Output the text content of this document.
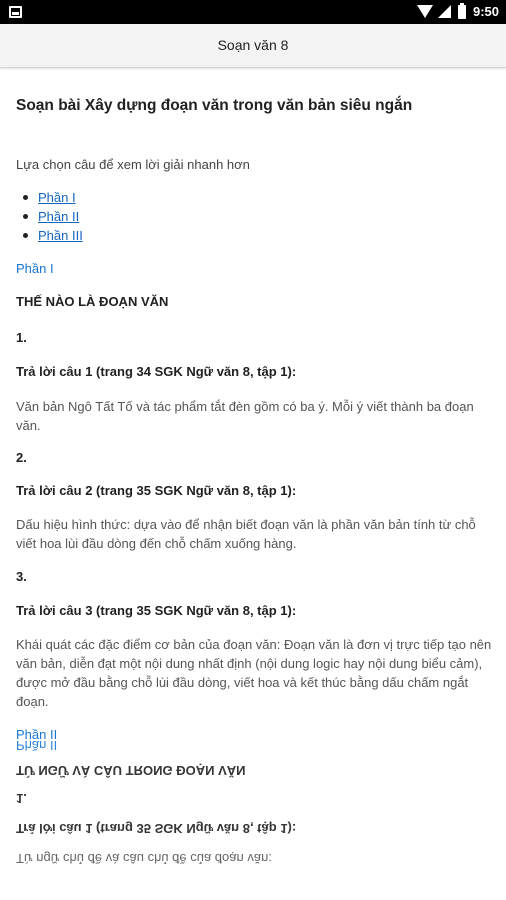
9:50
Soạn văn 8
Soạn bài Xây dựng đoạn văn trong văn bản siêu ngắn
Lựa chọn câu để xem lời giải nhanh hơn
Phần I
Phần II
Phần III
Phần I
THẾ NÀO LÀ ĐOẠN VĂN
1.
Trả lời câu 1 (trang 34 SGK Ngữ văn 8, tập 1):
Văn bản Ngô Tất Tố và tác phẩm tắt đèn gồm có ba ý. Mỗi ý viết thành ba đoạn văn.
2.
Trả lời câu 2 (trang 35 SGK Ngữ văn 8, tập 1):
Dấu hiệu hình thức: dựa vào để nhận biết đoạn văn là phần văn bản tính từ chỗ viết hoa lùi đầu dòng đến chỗ chấm xuống hàng.
3.
Trả lời câu 3 (trang 35 SGK Ngữ văn 8, tập 1):
Khái quát các đặc điểm cơ bản của đoạn văn: Đoạn văn là đơn vị trực tiếp tạo nên văn bản, diễn đạt một nội dung nhất định (nội dung logic hay nội dung biểu cảm), được mở đầu bằng chỗ lùi đầu dòng, viết hoa và kết thúc bằng dấu chấm ngắt đoạn.
Phần II
Phần II
TỪ NGỮ VÀ CÂU TRONG ĐOẠN VĂN
1.
Trả lời câu 1 (trang 35 SGK Ngữ văn 8, tập 1):
Từ ngữ chủ đề và câu chủ đề của đoạn văn:
